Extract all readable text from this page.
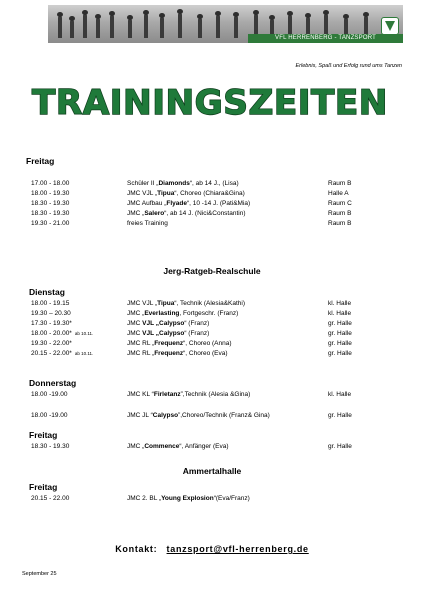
VFL HERRENBERG - TANZSPORT
Erlebnis, Spaß und Erfolg rund ums Tanzen
TRAININGSZEITEN
Freitag
17.00 - 18.00	Schüler II „Diamonds“, ab 14 J., (Lisa)	Raum B
18.00 - 19.30	JMC VJL „Tipua“, Choreo (Chiara&Gina)	Halle A
18.30 - 19.30	JMC Aufbau „Flyade“, 10 -14 J. (Pati&Mia)	Raum C
18.30 - 19.30	JMC „Salero“, ab 14 J. (Nici&Constantin)	Raum B
19.30 - 21.00	freies Training	Raum B
Jerg-Ratgeb-Realschule
Dienstag
18.00 - 19.15	JMC VJL „Tipua“, Technik (Alesia&Kathi)	kl. Halle
19.30 – 20.30	JMC „Everlasting, Fortgeschr. (Franz)	kl. Halle
17.30 - 19.30*	JMC VJL „Calypso“ (Franz)	gr. Halle
18.00 - 20.00* ab 10.11.	JMC VJL „Calypso“ (Franz)	gr. Halle
19.30 - 22.00*	JMC RL „Frequenz“, Choreo (Anna)	gr. Halle
20.15 - 22.00* ab 10.11.	JMC RL „Frequenz“, Choreo (Eva)	gr. Halle
Donnerstag
18.00 -19.00	JMC KL “Firletanz”,Technik (Alesia &Gina)	kl. Halle
18.00 -19.00	JMC JL “Calypso”,Choreo/Technik (Franz& Gina)	gr. Halle
Freitag
18.30 - 19.30	JMC „Commence“, Anfänger (Eva)	gr. Halle
Ammertalhalle
Freitag
20.15 - 22.00	JMC 2. BL „Young Explosion“(Eva/Franz)
Kontakt: tanzsport@vfl-herrenberg.de
September 25
